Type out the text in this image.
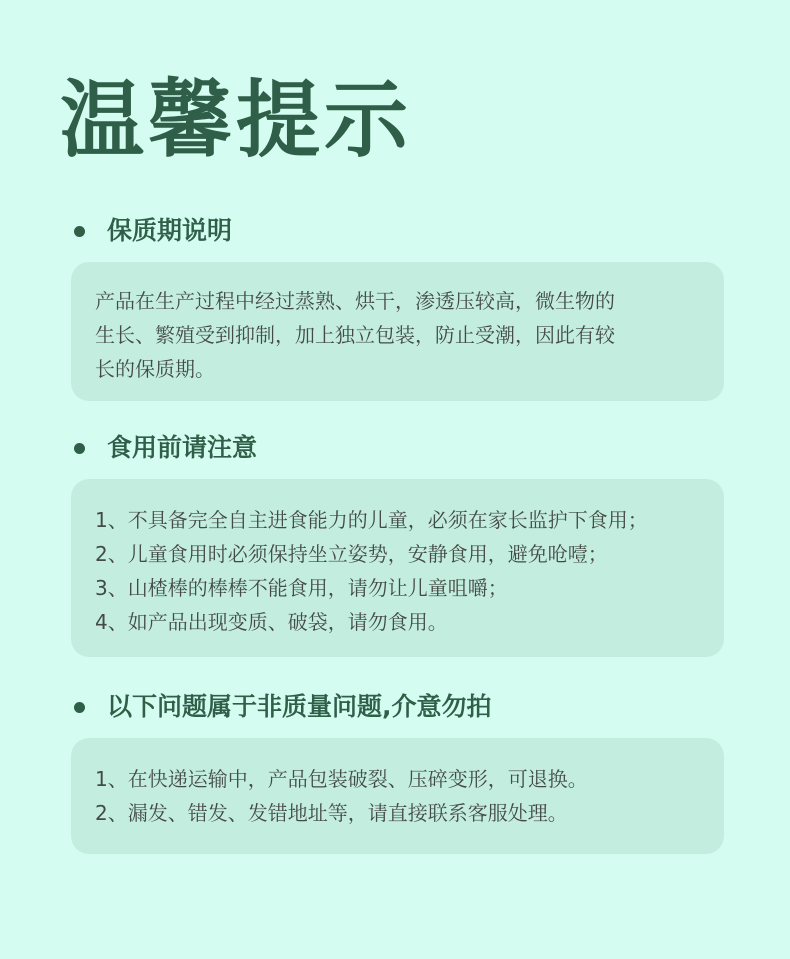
温馨提示
保质期说明

产品在生产过程中经过蒸熟、烘干，渗透压较高，微生物的

生长、繁殖受到抑制，加上独立包装，防止受潮，因此有较

长的保质期。

食用前请注意

1、不具备完全自主进食能力的儿童，必须在家长监护下食用；

2、儿童食用时必须保持坐立姿势，安静食用，避免呛噎；

3、山楂棒的棒棒不能食用，请勿让儿童咀嚼；

4、如产品出现变质、破袋，请勿食用。

以下问题属于非质量问题,介意勿拍

1、在快递运输中，产品包装破裂、压碎变形，可退换。

2、漏发、错发、发错地址等，请直接联系客服处理。
